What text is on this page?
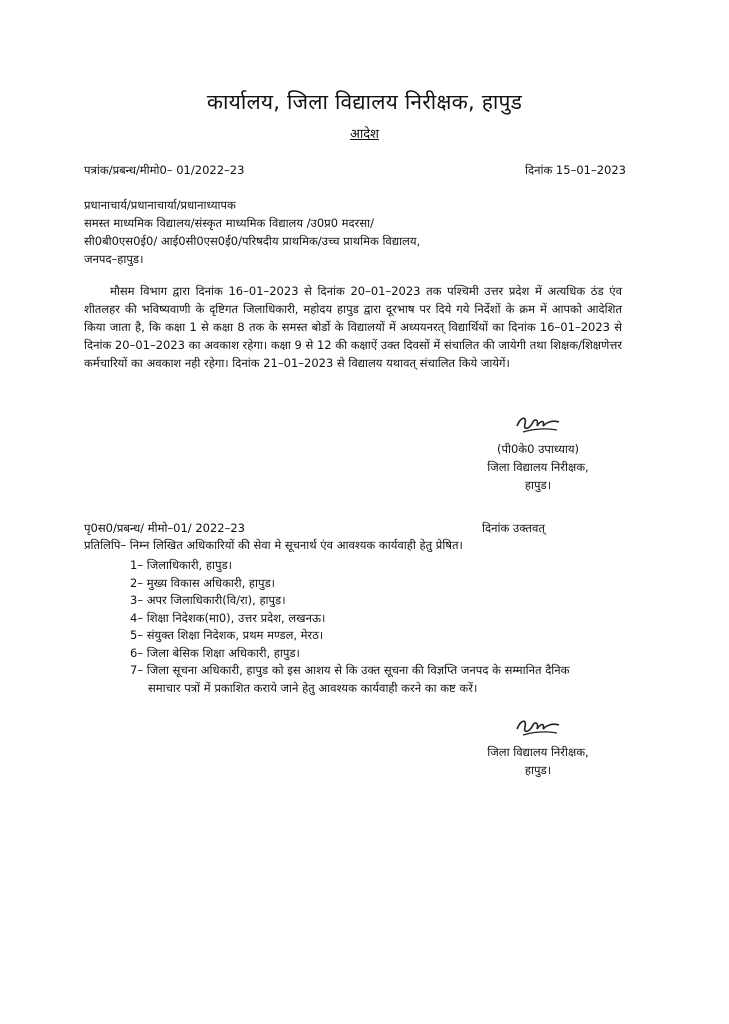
कार्यालय, जिला विद्यालय निरीक्षक, हापुड
आदेश
पत्रांक/प्रबन्ध/मीमो0– 01/2022–23	दिनांक 15–01–2023
प्रधानाचार्य/प्रधानाचार्या/प्रधानाध्यापक
समस्त माध्यमिक विद्यालय/संस्कृत माध्यमिक विद्यालय /उ0प्र0 मदरसा/
सी0बी0एस0ई0/ आई0सी0एस0ई0/परिषदीय प्राथमिक/उच्च प्राथमिक विद्यालय,
जनपद–हापुड।
मौसम विभाग द्वारा दिनांक 16–01–2023 से दिनांक 20–01–2023 तक पश्चिमी उत्तर प्रदेश में अत्यधिक ठंड एंव शीतलहर की भविष्यवाणी के दृष्टिगत जिलाधिकारी, महोदय हापुड द्वारा दूरभाष पर दिये गये निर्देशों के क्रम में आपको आदेशित किया जाता है, कि कक्षा 1 से कक्षा 8 तक के समस्त बोर्डो के विद्यालयों में अध्ययनरत् विद्यार्थियों का दिनांक 16–01–2023 से दिनांक 20–01–2023 का अवकाश रहेगा। कक्षा 9 से 12 की कक्षाऐं उक्त दिवसों में संचालित की जायेगी तथा शिक्षक/शिक्षणेत्तर कर्मचारियों का अवकाश नही रहेगा। दिनांक 21–01–2023 से विद्यालय यथावत् संचालित किये जायेगें।
(पी0के0 उपाध्याय)
जिला विद्यालय निरीक्षक,
हापुड।
पृ0स0/प्रबन्ध/ मीमो–01/ 2022–23	दिनांक उक्तवत्
प्रतिलिपि– निम्न लिखित अधिकारियों की सेवा मे सूचनार्थ एंव आवश्यक कार्यवाही हेतु प्रेषित।
1– जिलाधिकारी, हापुड।
2– मुख्य विकास अधिकारी, हापुड।
3– अपर जिलाधिकारी(वि/रा), हापुड।
4– शिक्षा निदेशक(मा0), उत्तर प्रदेश, लखनऊ।
5– संयुक्त शिक्षा निदेशक, प्रथम मण्डल, मेरठ।
6– जिला बेसिक शिक्षा अधिकारी, हापुड।
7– जिला सूचना अधिकारी, हापुड को इस आशय से कि उक्त सूचना की विज्ञप्ति जनपद के सम्मानित दैनिक
समाचार पत्रों में प्रकाशित कराये जाने हेतु आवश्यक कार्यवाही करने का कष्ट करें।
जिला विद्यालय निरीक्षक,
हापुड।
